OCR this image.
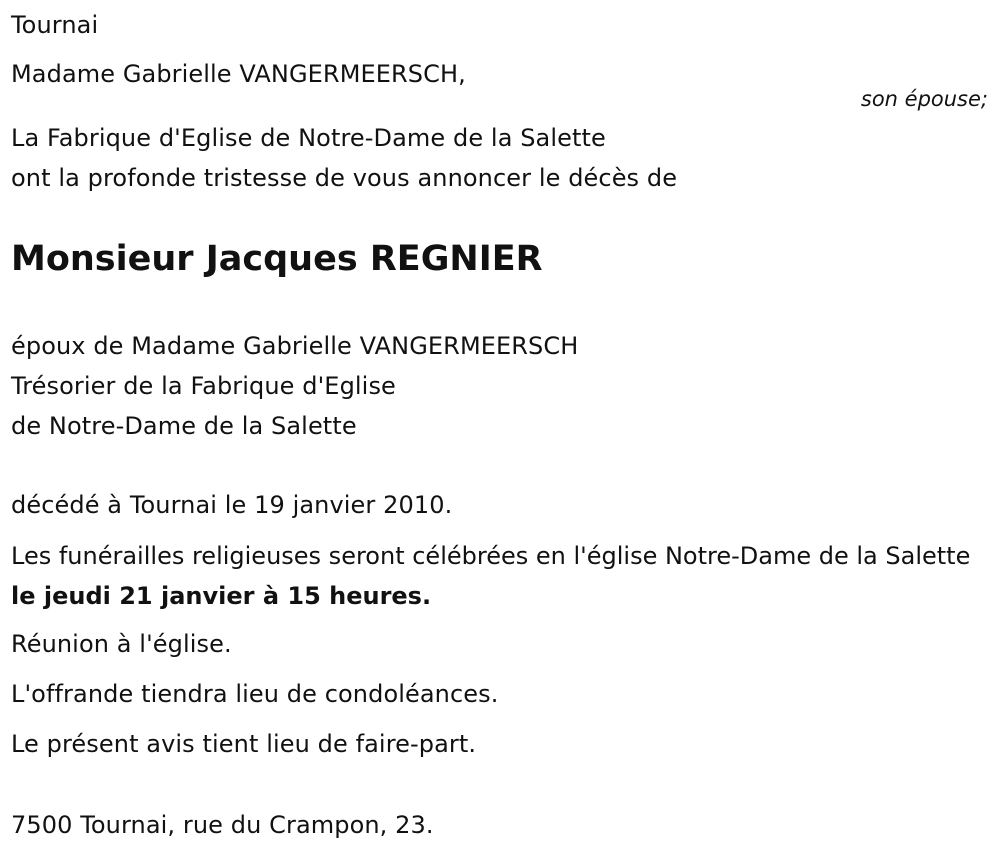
Tournai
Madame Gabrielle VANGERMEERSCH,
son épouse;
La Fabrique d'Eglise de Notre-Dame de la Salette
ont la profonde tristesse de vous annoncer le décès de
Monsieur Jacques REGNIER
époux de Madame Gabrielle VANGERMEERSCH
Trésorier de la Fabrique d'Eglise
de Notre-Dame de la Salette
décédé à Tournai le 19 janvier 2010.
Les funérailles religieuses seront célébrées en l'église Notre-Dame de la Salette le jeudi 21 janvier à 15 heures.
Réunion à l'église.
L'offrande tiendra lieu de condoléances.
Le présent avis tient lieu de faire-part.
7500 Tournai, rue du Crampon, 23.
